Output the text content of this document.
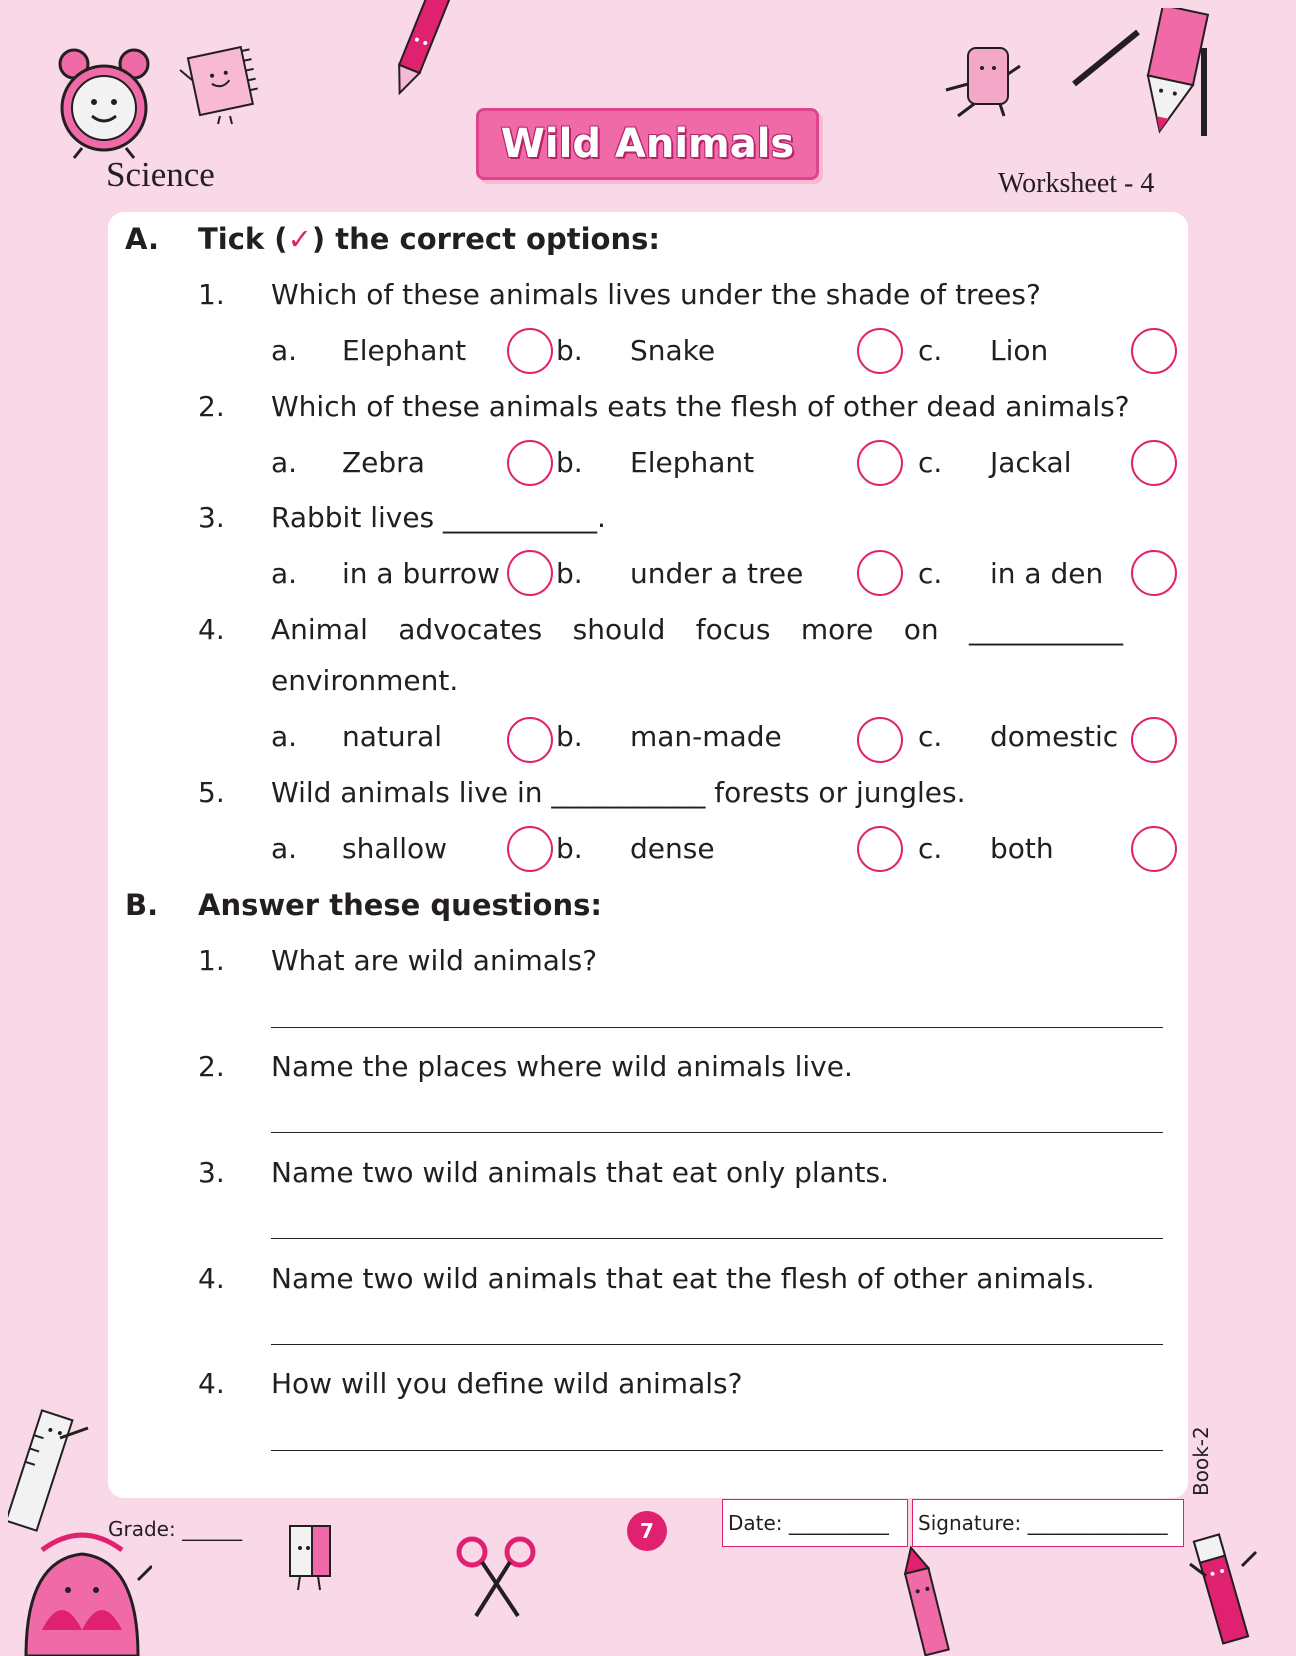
Science
Wild Animals
Worksheet - 4
A. Tick (✓) the correct options:
1. Which of these animals lives under the shade of trees?
a. Elephant	b. Snake	c. Lion
2. Which of these animals eats the flesh of other dead animals?
a. Zebra	b. Elephant	c. Jackal
3. Rabbit lives ___________.
a. in a burrow b. under a tree	c. in a den
4. Animal advocates should focus more on ___________
environment.
a. natural	b. man-made	c. domestic
5. Wild animals live in ___________ forests or jungles.
a. shallow	b. dense	c. both
B. Answer these questions:
1. What are wild animals?
2. Name the places where wild animals live.
3. Name two wild animals that eat only plants.
4. Name two wild animals that eat the flesh of other animals.
4. How will you define wild animals?
Book-2
Grade: ______	7	Date: __________ Signature: ______________
